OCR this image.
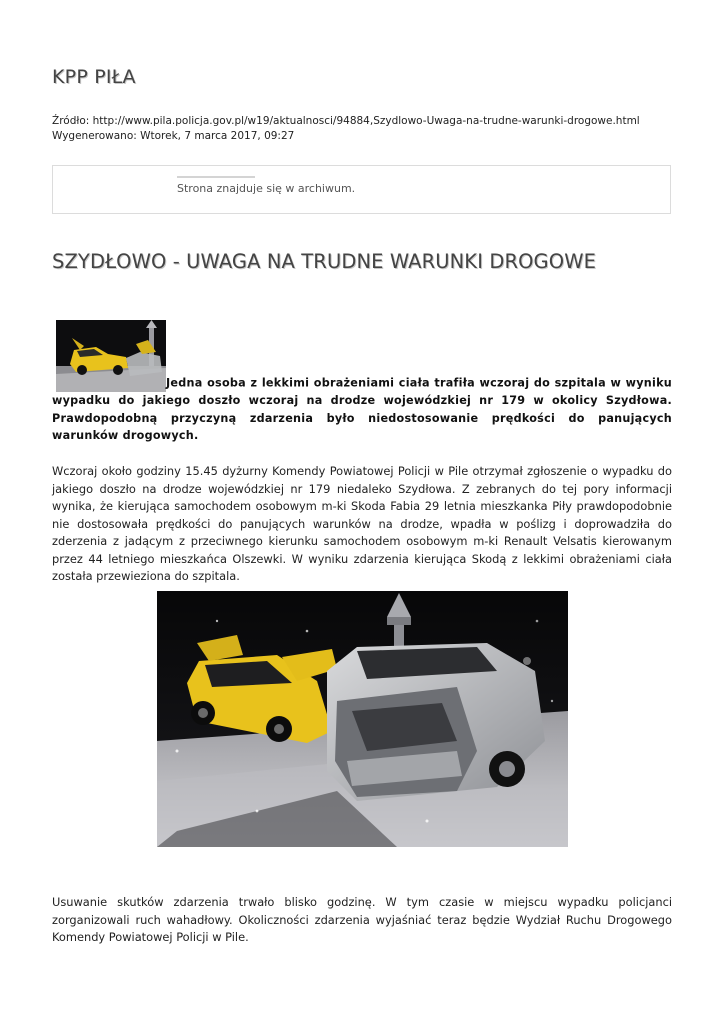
KPP PIŁA
Źródło: http://www.pila.policja.gov.pl/w19/aktualnosci/94884,Szydlowo-Uwaga-na-trudne-warunki-drogowe.html
Wygenerowano: Wtorek, 7 marca 2017, 09:27
Strona znajduje się w archiwum.
SZYDŁOWO - UWAGA NA TRUDNE WARUNKI DROGOWE
Jedna osoba z lekkimi obrażeniami ciała trafiła wczoraj do szpitala w wyniku wypadku do jakiego doszło wczoraj na drodze wojewódzkiej nr 179 w okolicy Szydłowa. Prawdopodobną przyczyną zdarzenia było niedostosowanie prędkości do panujących warunków drogowych.

Wczoraj około godziny 15.45 dyżurny Komendy Powiatowej Policji w Pile otrzymał zgłoszenie o wypadku do jakiego doszło na drodze wojewódzkiej nr 179 niedaleko Szydłowa. Z zebranych do tej pory informacji wynika, że kierująca samochodem osobowym m-ki Skoda Fabia 29 letnia mieszkanka Piły prawdopodobnie nie dostosowała prędkości do panujących warunków na drodze, wpadła w poślizg i doprowadziła do zderzenia z jadącym z przeciwnego kierunku samochodem osobowym m-ki Renault Velsatis kierowanym przez 44 letniego mieszkańca Olszewki. W wyniku zdarzenia kierująca Skodą z lekkimi obrażeniami ciała została przewieziona do szpitala.

Usuwanie skutków zdarzenia trwało blisko godzinę. W tym czasie w miejscu wypadku policjanci zorganizowali ruch wahadłowy. Okoliczności zdarzenia wyjaśniać teraz będzie Wydział Ruchu Drogowego Komendy Powiatowej Policji w Pile.
